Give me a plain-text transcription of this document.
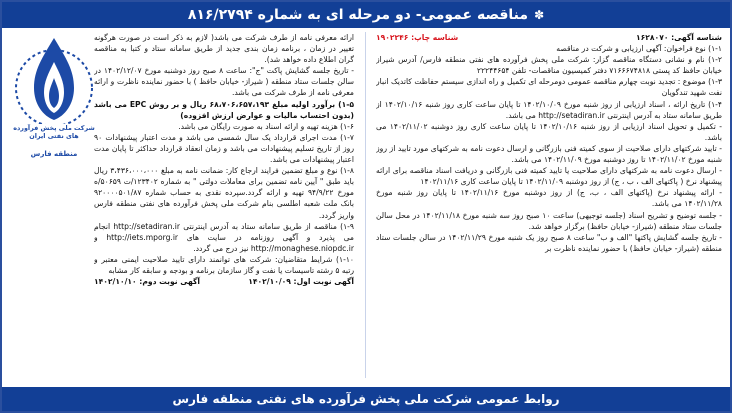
✽
مناقصه عمومی- دو مرحله ای به شماره ۸۱۶/۲۷۹۴
شناسه آگهی: ۱۶۲۸۰۷۰
شناسه چاپ: ۱۹۰۲۲۴۶

۱-۱) نوع فراخوان: آگهی ارزیابی و شرکت در مناقصه

۱-۲) نام و نشانی دستگاه مناقصه گزار: شرکت ملی پخش فرآورده های نفتی منطقه فارس/ آدرس شیراز خیابان حافظ کد پستی ۷۱۶۶۶۷۴۸۱۸ دفتر کمیسیون مناقصات- تلفن ۲۲۲۴۴۶۵۴

۱-۳) موضوع : تجدید نوبت چهارم مناقصه عمومی دومرحله ای تکمیل و راه اندازی سیستم حفاظت کاتدیک انبار نفت شهید تندگویان

۱-۴) تاریخ ارائه ، اسناد ارزیابی از روز شنبه مورخ ۱۴۰۲/۱۰/۰۹ تا پایان ساعت کاری روز شنبه ۱۴۰۲/۱۰/۱۶ از طریق سامانه ستاد به آدرس اینترنتی http://setadiran.ir می باشد.

- تکمیل و تحویل اسناد ارزیابی از روز شنبه ۱۴۰۲/۱۰/۱۶ تا پایان ساعت کاری روز دوشنبه ۱۴۰۲/۱۱/۰۲ می باشد.

- تایید شرکتهای دارای صلاحیت از سوی کمیته فنی بازرگانی و ارسال دعوت نامه به شرکتهای مورد تایید از روز شنبه مورخ ۱۴۰۲/۱۱/۰۲ تا روز دوشنبه مورخ ۱۴۰۲/۱۱/۰۹ می باشد.

- ارسال دعوت نامه به شرکتهای دارای صلاحیت یا تایید کمیته فنی بازرگانی و دریافت اسناد مناقصه برای ارائه پیشنهاد نرخ ( پاکتهای الف ، ب ، ج) از روز دوشنبه ۱۴۰۲/۱۱/۰۹ تا پایان ساعت کاری ۱۴۰۲/۱۱/۱۶

- ارائه پیشنهاد نرخ (پاکتهای الف ، ب، ج) از روز دوشنبه مورخ ۱۴۰۲/۱۱/۱۶ تا پایان روز شنبه مورخ ۱۴۰۲/۱۱/۲۸ می باشد.

- جلسه توضیح و تشریح اسناد (جلسه توجیهی) ساعت ۱۰ صبح روز سه شنبه مورخ ۱۴۰۲/۱۱/۱۸ در محل سالن جلسات ستاد منطقه (شیراز- خیابان حافظ) برگزار خواهد شد.

- تاریخ جلسه گشایش پاکتها "الف و ب" ساعت ۸ صبح روز یک شنبه مورخ ۱۴۰۲/۱۱/۲۹ در سالن جلسات ستاد منطقه (شیراز- خیابان حافظ) با حضور نماینده ناظرت بر

ارائه معرفی نامه از طرف شرکت می باشد( لازم به ذکر است در صورت هرگونه تغییر در زمان ، برنامه زمان بندی جدید از طریق سامانه ستاد و کتبا به مناقصه گران اطلاع داده خواهد شد).

- تاریخ جلسه گشایش پاکت "ج": ساعت ۸ صبح روز دوشنبه مورخ ۱۴۰۲/۱۲/۰۷ در سالن جلسات ستاد منطقه ( شیراز- خیابان حافظ ) با حضور نماینده ناظرت و ارائه معرفی نامه از طرف شرکت می باشد.

۱-۵) برآورد اولیه مبلغ ۶۸،۷۰۶،۶۵۷،۱۹۳ ریال و بر روش EPC می باشد (بدون احتساب مالیات و عوارض ارزش افزوده)

۱-۶) هزینه تهیه و ارائه اسناد به صورت رایگان می باشد.

۱-۷) مدت اجرای قرارداد یک سال شمسی می باشد و مدت اعتبار پیشنهادات ۹۰ روز از تاریخ تسلیم پیشنهادات می باشد و زمان انعقاد قرارداد حداکثر تا پایان مدت اعتبار پیشنهادات می باشد.

۱-۸) نوع و مبلغ تضمین فرایند ارجاع کار: ضمانت نامه به مبلغ ۳،۴۳۶،۰۰۰،۰۰۰ ریال باید طبق " آیین نامه تضمین برای معاملات دولتی " به شماره ۱۲۳۴۰۲/ت ۵۰۶۵۹/ه مورخ ۹۴/۹/۲۲ تهیه و ارائه گردد.سپرده نقدی به حساب شماره ۹۲۰۰۰۰۵۰۱/۸۷ بانک ملت شعبه اطلسی بنام شرکت ملی پخش فرآورده های نفتی منطقه فارس واریز گردد.

۱-۹) مناقصه از طریق سامانه ستاد به آدرس اینترنتی http://setadiran.ir انجام می پذیرد و آگهی روزنامه در سایت های http://iets.mporg.ir و http://monaghese.niopdc.ir نیز درج می گردد.

۱-۱۰) شرایط متقاضیان: شرکت های توانمند دارای تایید صلاحیت ایمنی معتبر و رتبه ۵ رشته تاسیسات یا نفت و گاز سازمان برنامه و بودجه و سابقه کار مشابه

آگهی نوبت اول: ۱۴۰۲/۱۰/۰۹
آگهی نوبت دوم: ۱۴۰۲/۱۰/۱۰
شرکت ملی پخش فرآورده های نفتی ایران
منطقه فارس
روابط عمومی شرکت ملی پخش فرآورده های نفتی منطقه فارس
